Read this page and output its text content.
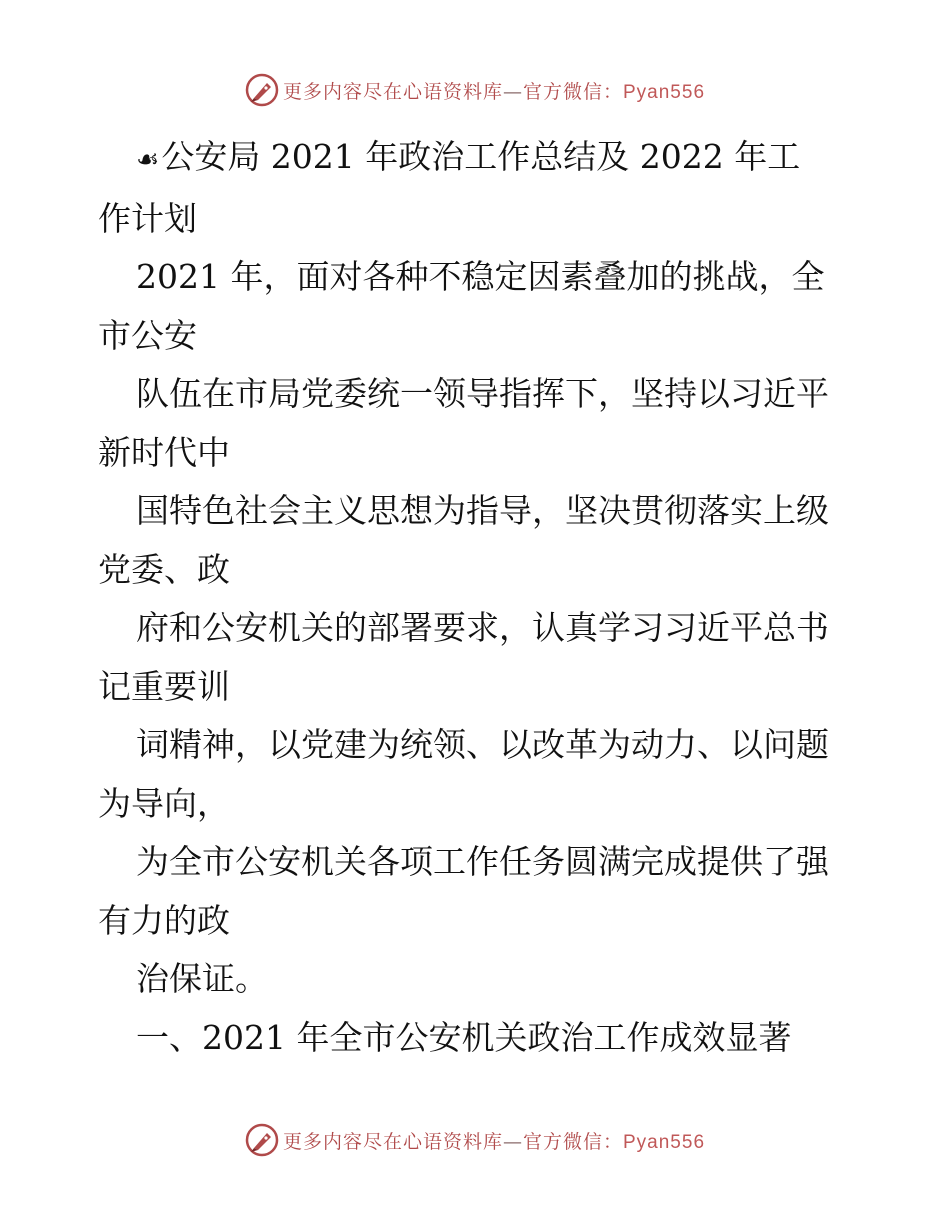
更多内容尽在心语资料库—官方微信：Pyan556

☙公安局 2021 年政治工作总结及 2022 年工
作计划

2021 年，面对各种不稳定因素叠加的挑战，全
市公安

队伍在市局党委统一领导指挥下，坚持以习近平
新时代中

国特色社会主义思想为指导，坚决贯彻落实上级
党委、政

府和公安机关的部署要求，认真学习习近平总书
记重要训

词精神，以党建为统领、以改革为动力、以问题
为导向，

为全市公安机关各项工作任务圆满完成提供了强
有力的政

治保证。

一、2021 年全市公安机关政治工作成效显著

更多内容尽在心语资料库—官方微信：Pyan556
